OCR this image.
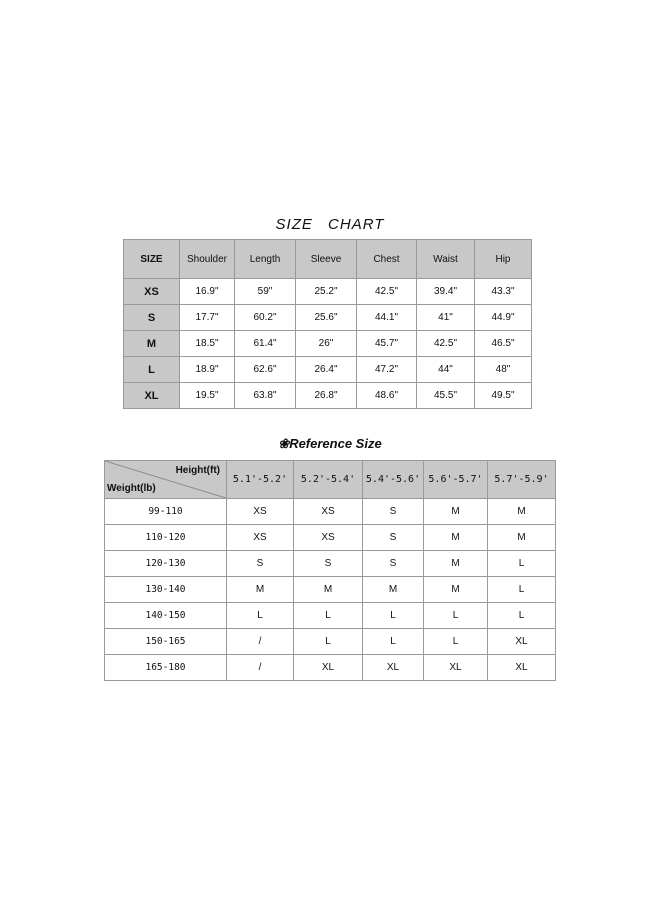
SIZE CHART
SIZE	Shoulder	Length	Sleeve	Chest	Waist	Hip
XS	16.9"	59"	25.2"	42.5"	39.4"	43.3"
S	17.7"	60.2"	25.6"	44.1"	41"	44.9"
M	18.5"	61.4"	26"	45.7"	42.5"	46.5"
L	18.9"	62.6"	26.4"	47.2"	44"	48"
XL	19.5"	63.8"	26.8"	48.6"	45.5"	49.5"
❀Reference Size
Height(ft)
Weight(lb)	5.1'-5.2'	5.2'-5.4'	5.4'-5.6'	5.6'-5.7'	5.7'-5.9'
99-110	XS	XS	S	M	M
110-120	XS	XS	S	M	M
120-130	S	S	S	M	L
130-140	M	M	M	M	L
140-150	L	L	L	L	L
150-165	/	L	L	L	XL
165-180	/	XL	XL	XL	XL
